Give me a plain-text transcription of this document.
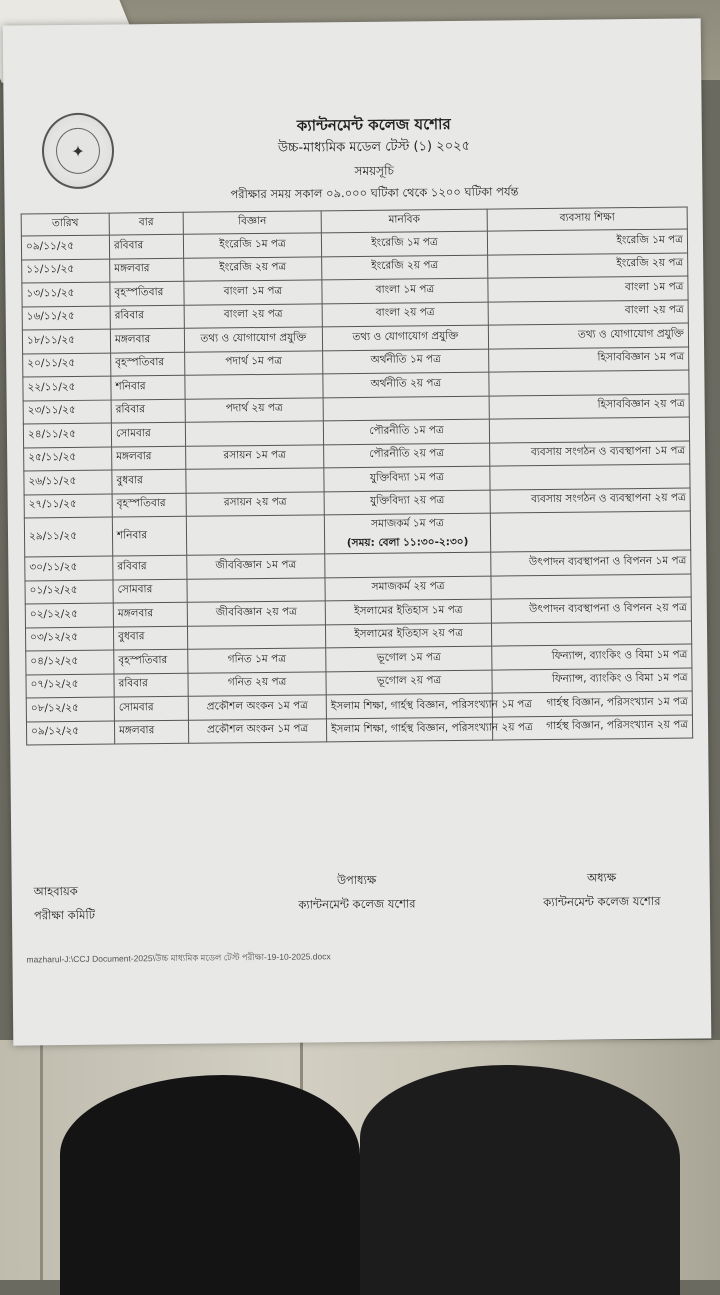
✦
ক্যান্টনমেন্ট কলেজ যশোর
উচ্চ-মাধ্যমিক মডেল টেস্ট (১) ২০২৫
সময়সূচি
পরীক্ষার সময় সকাল ০৯.০০০ ঘটিকা থেকে ১২০০ ঘটিকা পর্যন্ত
তারিখ	বার	বিজ্ঞান	মানবিক	ব্যবসায় শিক্ষা
০৯/১১/২৫	রবিবার	ইংরেজি ১ম পত্র	ইংরেজি ১ম পত্র	ইংরেজি ১ম পত্র
১১/১১/২৫	মঙ্গলবার	ইংরেজি ২য় পত্র	ইংরেজি ২য় পত্র	ইংরেজি ২য় পত্র
১৩/১১/২৫	বৃহস্পতিবার	বাংলা ১ম পত্র	বাংলা ১ম পত্র	বাংলা ১ম পত্র
১৬/১১/২৫	রবিবার	বাংলা ২য় পত্র	বাংলা ২য় পত্র	বাংলা ২য় পত্র
১৮/১১/২৫	মঙ্গলবার	তথ্য ও যোগাযোগ প্রযুক্তি	তথ্য ও যোগাযোগ প্রযুক্তি	তথ্য ও যোগাযোগ প্রযুক্তি
২০/১১/২৫	বৃহস্পতিবার	পদার্থ ১ম পত্র	অর্থনীতি ১ম পত্র	হিসাববিজ্ঞান ১ম পত্র
২২/১১/২৫	শনিবার		অর্থনীতি ২য় পত্র	
২৩/১১/২৫	রবিবার	পদার্থ ২য় পত্র		হিসাববিজ্ঞান ২য় পত্র
২৪/১১/২৫	সোমবার		পৌরনীতি ১ম পত্র	
২৫/১১/২৫	মঙ্গলবার	রসায়ন ১ম পত্র	পৌরনীতি ২য় পত্র	ব্যবসায় সংগঠন ও ব্যবস্থাপনা ১ম পত্র
২৬/১১/২৫	বুধবার		যুক্তিবিদ্যা ১ম পত্র	
২৭/১১/২৫	বৃহস্পতিবার	রসায়ন ২য় পত্র	যুক্তিবিদ্যা ২য় পত্র	ব্যবসায় সংগঠন ও ব্যবস্থাপনা ২য় পত্র
২৯/১১/২৫	শনিবার		সমাজকর্ম ১ম পত্র
(সময়: বেলা ১১:৩০-২:৩০)	

৩০/১১/২৫	রবিবার	জীববিজ্ঞান ১ম পত্র		উৎপাদন ব্যবস্থাপনা ও বিপনন ১ম পত্র
০১/১২/২৫	সোমবার		সমাজকর্ম ২য় পত্র	
০২/১২/২৫	মঙ্গলবার	জীববিজ্ঞান ২য় পত্র	ইসলামের ইতিহাস ১ম পত্র	উৎপাদন ব্যবস্থাপনা ও বিপনন ২য় পত্র
০৩/১২/২৫	বুধবার		ইসলামের ইতিহাস ২য় পত্র	
০৪/১২/২৫	বৃহস্পতিবার	গনিত ১ম পত্র	ভূগোল ১ম পত্র	ফিন্যান্স, ব্যাংকিং ও বিমা ১ম পত্র
০৭/১২/২৫	রবিবার	গনিত ২য় পত্র	ভূগোল ২য় পত্র	ফিন্যান্স, ব্যাংকিং ও বিমা ১ম পত্র
০৮/১২/২৫	সোমবার	প্রকৌশল অংকন ১ম পত্র	ইসলাম শিক্ষা, গার্হস্থ বিজ্ঞান, পরিসংখ্যান ১ম পত্র	গার্হস্থ বিজ্ঞান, পরিসংখ্যান ১ম পত্র
০৯/১২/২৫	মঙ্গলবার	প্রকৌশল অংকন ১ম পত্র	ইসলাম শিক্ষা, গার্হস্থ বিজ্ঞান, পরিসংখ্যান ২য় পত্র	গার্হস্থ বিজ্ঞান, পরিসংখ্যান ২য় পত্র
আহবায়ক
পরীক্ষা কমিটি
উপাধ্যক্ষ
ক্যান্টনমেন্ট কলেজ যশোর
অধ্যক্ষ
ক্যান্টনমেন্ট কলেজ যশোর
mazharul-J:\CCJ Document-2025\উচ্চ মাধ্যমিক মডেল টেস্ট পরীক্ষা-19-10-2025.docx
